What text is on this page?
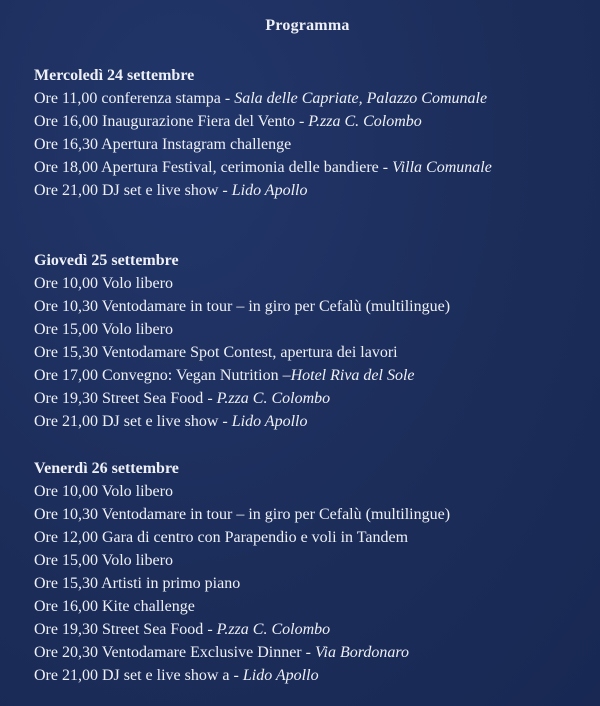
Programma
Mercoledì 24 settembre
Ore 11,00 conferenza stampa - Sala delle Capriate, Palazzo Comunale
Ore 16,00 Inaugurazione Fiera del Vento - P.zza C. Colombo
Ore 16,30 Apertura Instagram challenge
Ore 18,00 Apertura Festival, cerimonia delle bandiere - Villa Comunale
Ore 21,00 DJ set e live show - Lido Apollo
Giovedì 25 settembre
Ore 10,00 Volo libero
Ore 10,30 Ventodamare in tour – in giro per Cefalù (multilingue)
Ore 15,00 Volo libero
Ore 15,30 Ventodamare Spot Contest, apertura dei lavori
Ore 17,00 Convegno: Vegan Nutrition – Hotel Riva del Sole
Ore 19,30 Street Sea Food - P.zza C. Colombo
Ore 21,00 DJ set e live show - Lido Apollo
Venerdì 26 settembre
Ore 10,00 Volo libero
Ore 10,30 Ventodamare in tour – in giro per Cefalù (multilingue)
Ore 12,00 Gara di centro con Parapendio e voli in Tandem
Ore 15,00 Volo libero
Ore 15,30 Artisti in primo piano
Ore 16,00 Kite challenge
Ore 19,30 Street Sea Food - P.zza C. Colombo
Ore 20,30 Ventodamare Exclusive Dinner - Via Bordonaro
Ore 21,00 DJ set e live show a - Lido Apollo
